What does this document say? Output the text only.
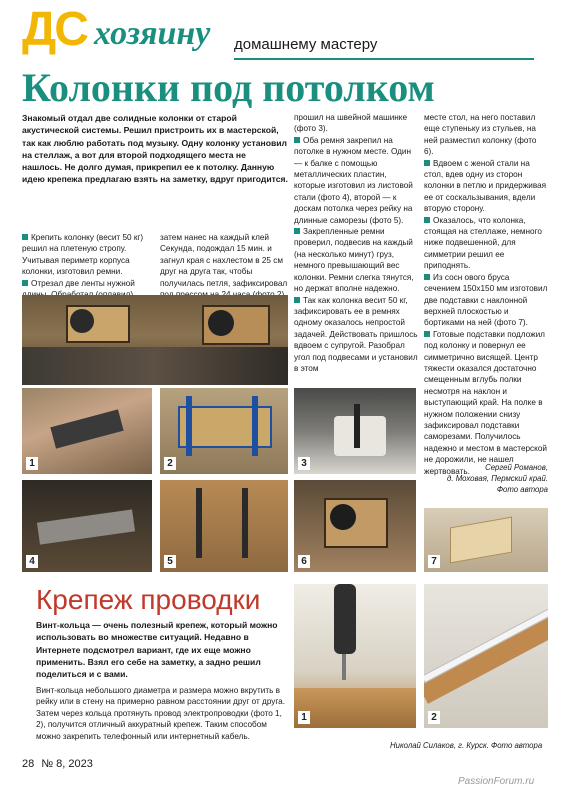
ДС хозяину домашнему мастеру
Колонки под потолком

Знакомый отдал две солидные колонки от старой акустической системы. Решил пристроить их в мастерской, так как люблю работать под музыку. Одну колонку установил на стеллаж, а вот для второй подходящего места не нашлось. Не долго думая, прикрепил ее к потолку. Данную идею крепежа предлагаю взять на заметку, вдруг пригодится.

Крепить колонку (весит 50 кг) решил на плетеную стропу. Учитывая периметр корпуса колонки, изготовил ремни.

Отрезал две ленты нужной

затем нанес на каждый клей Секунда, подождал 15 мин. и загнул края с нахлестом в 25 см друг на друга так, чтобы получилась петля, зафиксировал

прошил на швейной машинке (фото 3).

Оба ремня закрепил на потолке в нужном месте. Один — к балке с помощью металлических пластин, которые изготовил из листовой стали (фото 4), второй — к доскам потолка через рейку на длинные саморезы (фото 5).

Закрепленные ремни проверил, подвесив на каждый (на несколько минут) груз, немного превышающий вес колонки. Ремни слегка тянутся, но держат вполне надежно.

Так как колонка весит 50 кг, зафиксировать ее в ремнях одному оказалось непростой задачей. Действовать пришлось вдвоем с супругой. Разобрал угол под подвесами и установил в этом

месте стол, на него поставил еще ступеньку из стульев, на ней разместил колонку (фото 6).

Вдвоем с женой стали на стол, вдев одну из сторон колонки в петлю и придерживая ее от соскальзывания, вдели вторую сторону.

Оказалось, что колонка, стоящая на стеллаже, немного ниже подвешенной, для симметрии решил ее приподнять.

Из сосн ового бруса сечением 150х150 мм изготовил две подставки с наклонной верхней плоскостью и бортиками на ней (фото 7).

Готовые подставки подложил под колонку и повернул ее симметрично висящей. Центр тяжести оказался достаточно смещенным вглубь полки несмотря на наклон и выступающий край. На полке в нужном положении снизу зафиксировал подставки саморезами. Получилось надежно и местом в мастерской не дорожили, не нашел жертвовать.	Сергей Романов,
д. Моховая, Пермский край.
Фото автора
1	2	3
4	5	6	7
Крепеж проводки

Винт-кольца — очень полезный крепеж, который можно использовать во множестве ситуаций. Недавно в Интернете подсмотрел вариант, где их еще можно применить. Взял его себе на заметку, а задно решил поделиться и с вами.

Винт-кольца небольшого диаметра и размера можно вкрутить в рейку или в стену на примерно равном расстоянии друг от друга. Затем через кольца протянуть провод электропроводки (фото 1, 2), получится отличный аккуратный крепеж. Таким способом можно закрепить телефонный или интернетный кабель.

1	2
Николай Силаков, г. Курск. Фото автора
28 № 8, 2023
PassionForum.ru
